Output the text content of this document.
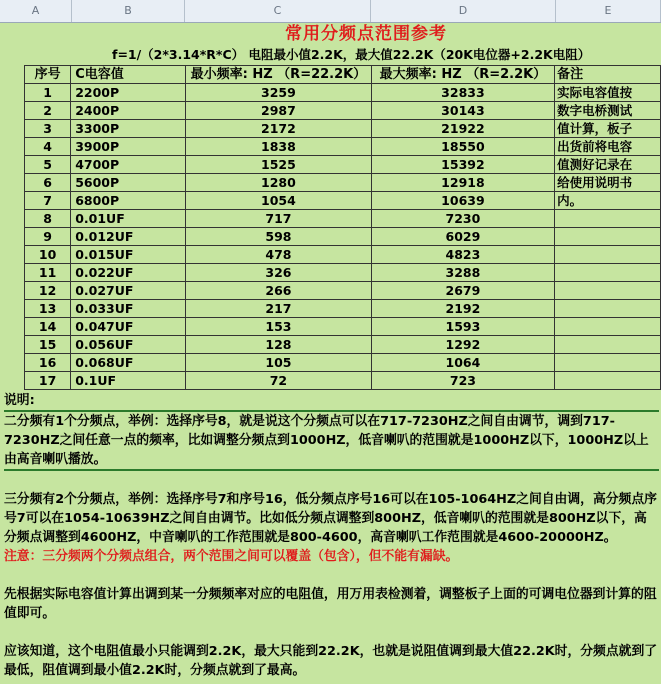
A	B	C	D	E
常用分频点范围参考
f=1/（2*3.14*R*C） 电阻最小值2.2K，最大值22.2K（20K电位器+2.2K电阻）
序号	C电容值	最小频率: HZ （R=22.2K）	最大频率: HZ （R=2.2K）	备注
1	2200P	3259	32833	实际电容值按
2	2400P	2987	30143	数字电桥测试
3	3300P	2172	21922	值计算，板子
4	3900P	1838	18550	出货前将电容
5	4700P	1525	15392	值测好记录在
6	5600P	1280	12918	给使用说明书
7	6800P	1054	10639	内。
8	0.01UF	717	7230	
9	0.012UF	598	6029	
10	0.015UF	478	4823	
11	0.022UF	326	3288	
12	0.027UF	266	2679	
13	0.033UF	217	2192	
14	0.047UF	153	1593	
15	0.056UF	128	1292	
16	0.068UF	105	1064	
17	0.1UF	72	723	

说明:

二分频有1个分频点，举例：选择序号8，就是说这个分频点可以在717-7230HZ之间自由调节，调到717-7230HZ之间任意一点的频率，比如调整分频点到1000HZ，低音喇叭的范围就是1000HZ以下，1000HZ以上由高音喇叭播放。

三分频有2个分频点，举例：选择序号7和序号16，低分频点序号16可以在105-1064HZ之间自由调，高分频点序号7可以在1054-10639HZ之间自由调节。比如低分频点调整到800HZ，低音喇叭的范围就是800HZ以下，高分频点调整到4600HZ，中音喇叭的工作范围就是800-4600，高音喇叭工作范围就是4600-20000HZ。

注意：三分频两个分频点组合，两个范围之间可以覆盖（包含），但不能有漏缺。

先根据实际电容值计算出调到某一分频频率对应的电阻值，用万用表检测着，调整板子上面的可调电位器到计算的阻值即可。

应该知道，这个电阻值最小只能调到2.2K，最大只能到22.2K，也就是说阻值调到最大值22.2K时，分频点就到了最低，阻值调到最小值2.2K时，分频点就到了最高。
